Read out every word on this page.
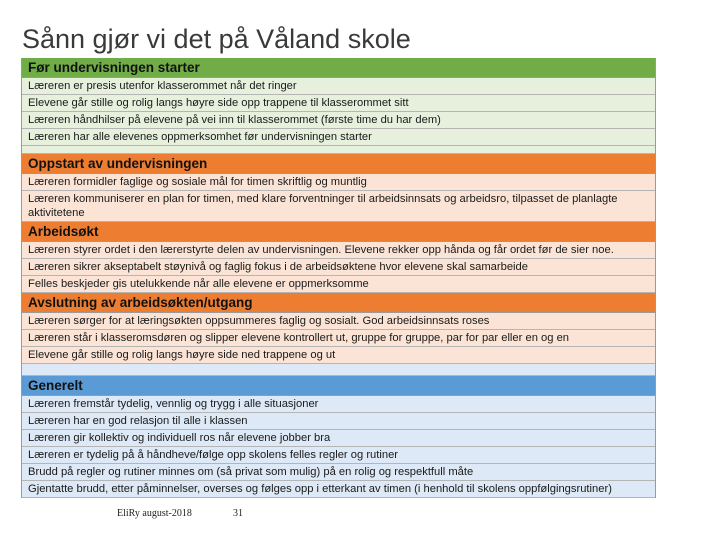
Sånn gjør vi det på Våland skole
Før undervisningen starter
Læreren er presis utenfor klasserommet når det ringer
Elevene går stille og rolig langs høyre side opp trappene til klasserommet sitt
Læreren håndhilser på elevene på vei inn til klasserommet (første time du har dem)
Læreren har alle elevenes oppmerksomhet før undervisningen starter
Oppstart av undervisningen
Læreren formidler faglige og sosiale mål for timen skriftlig og muntlig
Læreren kommuniserer en plan for timen, med klare forventninger til arbeidsinnsats og arbeidsro, tilpasset de planlagte aktivitetene
Arbeidsøkt
Læreren styrer ordet i den lærerstyrte delen av undervisningen. Elevene rekker opp hånda og får ordet før de sier noe.
Læreren sikrer akseptabelt støynivå og faglig fokus i de arbeidsøktene hvor elevene skal samarbeide
Felles beskjeder gis utelukkende når alle elevene er oppmerksomme
Avslutning av arbeidsøkten/utgang
Læreren sørger for at læringsøkten oppsummeres faglig og sosialt. God arbeidsinnsats roses
Læreren står i klasseromsdøren og slipper elevene kontrollert ut, gruppe for gruppe, par for par eller en og en
Elevene går stille og rolig langs høyre side ned trappene og ut
Generelt
Læreren fremstår tydelig, vennlig og trygg i alle situasjoner
Læreren har en god relasjon til alle i klassen
Læreren gir kollektiv og individuell ros når elevene jobber bra
Læreren er tydelig på å håndheve/følge opp skolens felles regler og rutiner
Brudd på regler og rutiner minnes om (så privat som mulig) på en rolig og respektfull måte
Gjentatte brudd, etter påminnelser, overses og følges opp i etterkant av timen (i henhold til skolens oppfølgingsrutiner)
EliRy august-2018	31
